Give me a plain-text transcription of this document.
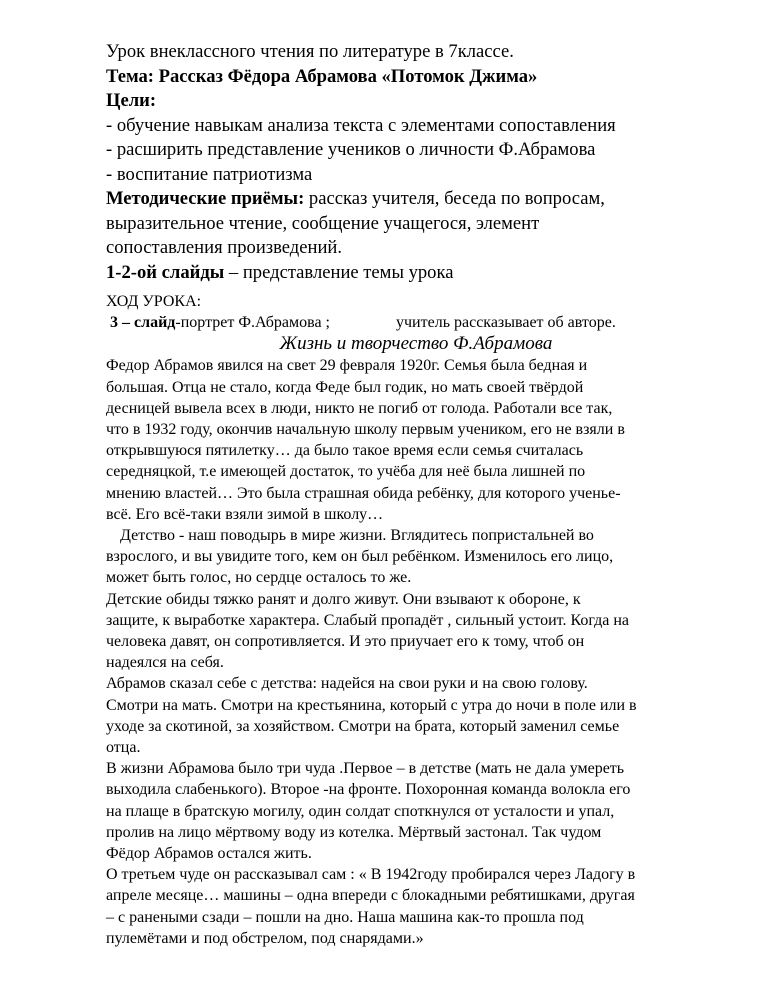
Урок внеклассного чтения по литературе в 7классе.
Тема: Рассказ Фёдора Абрамова «Потомок Джима»
Цели:
- обучение навыкам анализа текста с элементами сопоставления
- расширить представление учеников о личности Ф.Абрамова
- воспитание патриотизма
Методические приёмы: рассказ учителя, беседа по вопросам,
выразительное чтение, сообщение учащегося, элемент
сопоставления произведений.
1-2-ой слайды – представление темы урока
ХОД УРОКА:
3 – слайд-портрет Ф.Абрамова ;	учитель рассказывает об авторе.
Жизнь и творчество Ф.Абрамова
Федор Абрамов явился на свет 29 февраля 1920г. Семья была бедная и
большая. Отца не стало, когда Феде был годик, но мать своей твёрдой
десницей вывела всех в люди, никто не погиб от голода. Работали все так,
что в 1932 году, окончив начальную школу первым учеником, его не взяли в
открывшуюся пятилетку… да было такое время если семья считалась
середняцкой, т.е имеющей достаток, то учёба для неё была лишней по
мнению властей… Это была страшная обида ребёнку, для которого ученье-
всё. Его всё-таки взяли зимой в школу…
Детство - наш поводырь в мире жизни. Вглядитесь попристальней во
взрослого, и вы увидите того, кем он был ребёнком. Изменилось его лицо,
может быть голос, но сердце осталось то же.
Детские обиды тяжко ранят и долго живут. Они взывают к обороне, к
защите, к выработке характера. Слабый пропадёт , сильный устоит. Когда на
человека давят, он сопротивляется. И это приучает его к тому, чтоб он
надеялся на себя.
Абрамов сказал себе с детства: надейся на свои руки и на свою голову.
Смотри на мать. Смотри на крестьянина, который с утра до ночи в поле или в
уходе за скотиной, за хозяйством. Смотри на брата, который заменил семье
отца.
В жизни Абрамова было три чуда .Первое – в детстве (мать не дала умереть
выходила слабенького). Второе -на фронте. Похоронная команда волокла его
на плаще в братскую могилу, один солдат споткнулся от усталости и упал,
пролив на лицо мёртвому воду из котелка. Мёртвый застонал. Так чудом
Фёдор Абрамов остался жить.
О третьем чуде он рассказывал сам : « В 1942году пробирался через Ладогу в
апреле месяце… машины – одна впереди с блокадными ребятишками, другая
– с ранеными сзади – пошли на дно. Наша машина как-то прошла под
пулемётами и под обстрелом, под снарядами.»
